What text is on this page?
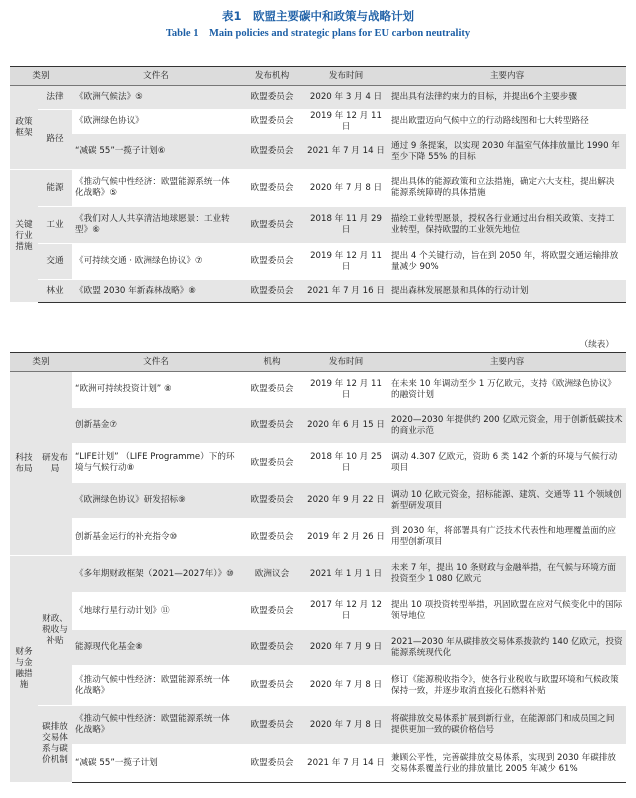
表1　欧盟主要碳中和政策与战略计划
Table 1　Main policies and strategic plans for EU carbon neutrality
类别		文件名	发布机构	发布时间	主要内容
政策框架	法律	《欧洲气候法》⑤	欧盟委员会	2020 年 3 月 4 日	提出具有法律约束力的目标，并提出6个主要步骤
	路径	《欧洲绿色协议》	欧盟委员会	2019 年 12 月 11 日	提出欧盟迈向气候中立的行动路线图和七大转型路径
		“减碳 55”一揽子计划⑥	欧盟委员会	2021 年 7 月 14 日	通过 9 条提案，以实现 2030 年温室气体排放量比 1990 年至少下降 55% 的目标
关键行业措施	能源	《推动气候中性经济：欧盟能源系统一体化战略》⑤	欧盟委员会	2020 年 7 月 8 日	提出具体的能源政策和立法措施，确定六大支柱，提出解决能源系统障碍的具体措施
	工业	《我们对人人共享清洁地球愿景：工业转型》⑥	欧盟委员会	2018 年 11 月 29 日	描绘工业转型愿景，授权各行业通过出台相关政策、支持工业转型，保持欧盟的工业领先地位
	交通	《可持续交通 · 欧洲绿色协议》⑦	欧盟委员会	2019 年 12 月 11 日	提出 4 个关键行动，旨在到 2050 年，将欧盟交通运输排放量减少 90%
	林业	《欧盟 2030 年新森林战略》⑧	欧盟委员会	2021 年 7 月 16 日	提出森林发展愿景和具体的行动计划
（续表）
类别		文件名	机构	发布时间	主要内容
科技布局	研发布局	“欧洲可持续投资计划” ⑧	欧盟委员会	2019 年 12 月 11 日	在未来 10 年调动至少 1 万亿欧元，支持《欧洲绿色协议》的融资计划
		创新基金⑦	欧盟委员会	2020 年 6 月 15 日	2020—2030 年提供约 200 亿欧元资金，用于创新低碳技术的商业示范
		“LIFE计划” （LIFE Programme）下的环境与气候行动⑧	欧盟委员会	2018 年 10 月 25 日	调动 4.307 亿欧元，资助 6 类 142 个新的环境与气候行动项目
		《欧洲绿色协议》研发招标⑨	欧盟委员会	2020 年 9 月 22 日	调动 10 亿欧元资金，招标能源、建筑、交通等 11 个领域创新型研发项目
		创新基金运行的补充指令⑩	欧盟委员会	2019 年 2 月 26 日	到 2030 年，将部署具有广泛技术代表性和地理覆盖面的应用型创新项目
财务与金融措施	财政、税收与补贴	《多年期财政框架（2021—2027年）》⑩	欧洲议会	2021 年 1 月 1 日	未来 7 年，提出 10 条财政与金融举措，在气候与环境方面投资至少 1 080 亿欧元
		《地球行星行动计划》⑪	欧盟委员会	2017 年 12 月 12 日	提出 10 项投资转型举措，巩固欧盟在应对气候变化中的国际领导地位
		能源现代化基金⑧	欧盟委员会	2020 年 7 月 9 日	2021—2030 年从碳排放交易体系拨款约 140 亿欧元，投资能源系统现代化
		《推动气候中性经济：欧盟能源系统一体化战略》	欧盟委员会	2020 年 7 月 8 日	修订《能源税收指令》，使各行业税收与欧盟环境和气候政策保持一致，并逐步取消直接化石燃料补贴
	碳排放交易体系与碳价机制	《推动气候中性经济：欧盟能源系统一体化战略》	欧盟委员会	2020 年 7 月 8 日	将碳排放交易体系扩展到新行业，在能源部门和成员国之间提供更加一致的碳价格信号
		“减碳 55”一揽子计划	欧盟委员会	2021 年 7 月 14 日	兼顾公平性，完善碳排放交易体系，实现到 2030 年碳排放交易体系覆盖行业的排放量比 2005 年减少 61%
